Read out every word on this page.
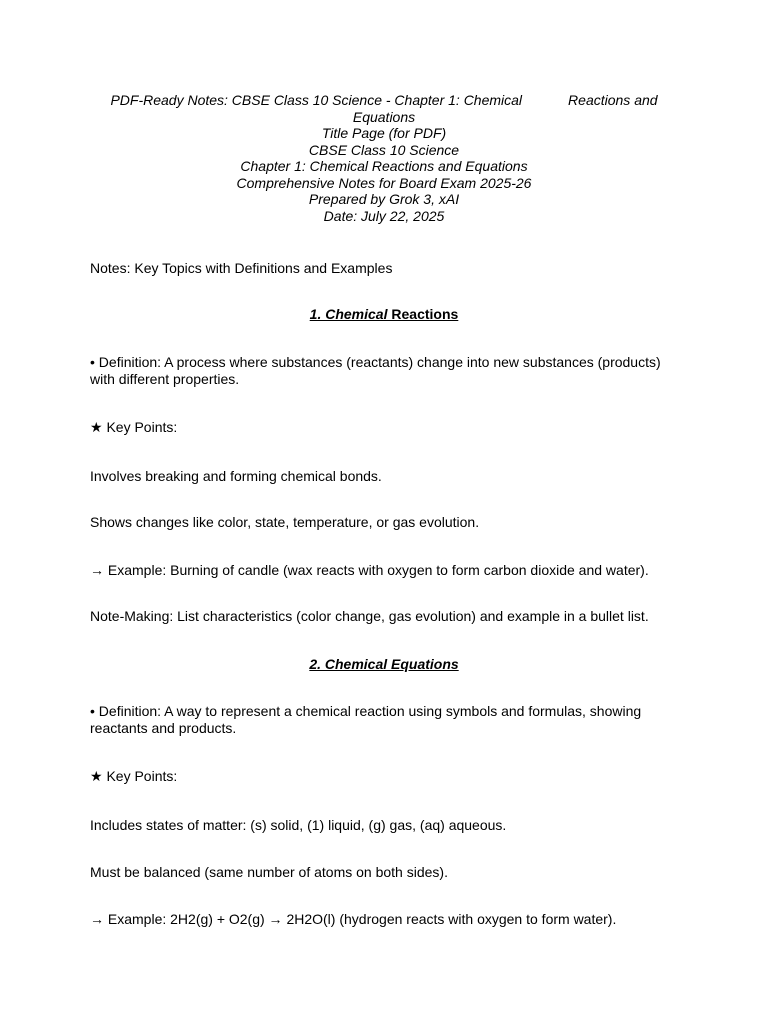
PDF-Ready Notes: CBSE Class 10 Science - Chapter 1: Chemical	Reactions and
Equations
Title Page (for PDF)
CBSE Class 10 Science
Chapter 1: Chemical Reactions and Equations
Comprehensive Notes for Board Exam 2025-26
Prepared by Grok 3, xAI
Date: July 22, 2025
Notes: Key Topics with Definitions and Examples
1. Chemical Reactions
• Definition: A process where substances (reactants) change into new substances (products) with different properties.
★ Key Points:
Involves breaking and forming chemical bonds.
Shows changes like color, state, temperature, or gas evolution.
→ Example: Burning of candle (wax reacts with oxygen to form carbon dioxide and water).
Note-Making: List characteristics (color change, gas evolution) and example in a bullet list.
2. Chemical Equations
• Definition: A way to represent a chemical reaction using symbols and formulas, showing reactants and products.
★ Key Points:
Includes states of matter: (s) solid, (1) liquid, (g) gas, (aq) aqueous.
Must be balanced (same number of atoms on both sides).
→ Example: 2H2(g) + O2(g) → 2H2O(l) (hydrogen reacts with oxygen to form water).
